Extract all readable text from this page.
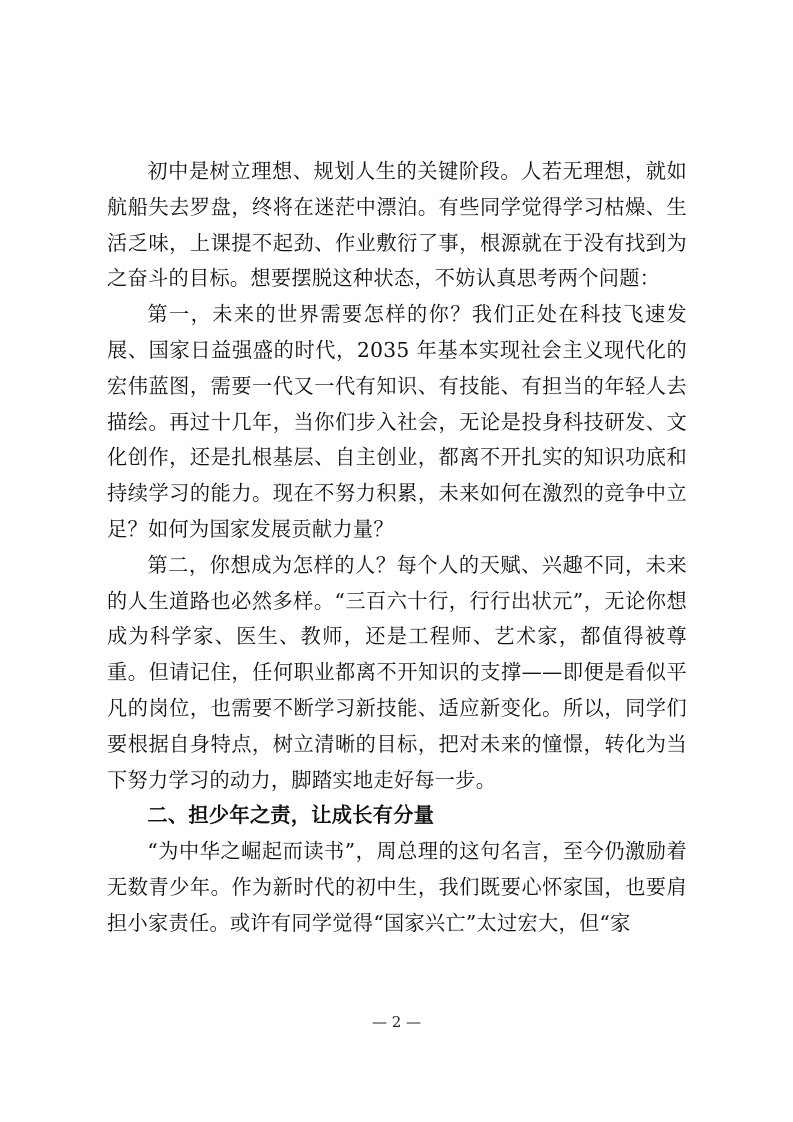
初中是树立理想、规划人生的关键阶段。人若无理想，就如航船失去罗盘，终将在迷茫中漂泊。有些同学觉得学习枯燥、生活乏味，上课提不起劲、作业敷衍了事，根源就在于没有找到为之奋斗的目标。想要摆脱这种状态，不妨认真思考两个问题：

第一，未来的世界需要怎样的你？我们正处在科技飞速发展、国家日益强盛的时代，2035 年基本实现社会主义现代化的宏伟蓝图，需要一代又一代有知识、有技能、有担当的年轻人去描绘。再过十几年，当你们步入社会，无论是投身科技研发、文化创作，还是扎根基层、自主创业，都离不开扎实的知识功底和持续学习的能力。现在不努力积累，未来如何在激烈的竞争中立足？如何为国家发展贡献力量？

第二，你想成为怎样的人？每个人的天赋、兴趣不同，未来的人生道路也必然多样。“三百六十行，行行出状元”，无论你想成为科学家、医生、教师，还是工程师、艺术家，都值得被尊重。但请记住，任何职业都离不开知识的支撑——即便是看似平凡的岗位，也需要不断学习新技能、适应新变化。所以，同学们要根据自身特点，树立清晰的目标，把对未来的憧憬，转化为当下努力学习的动力，脚踏实地走好每一步。

二、担少年之责，让成长有分量

“为中华之崛起而读书”，周总理的这句名言，至今仍激励着无数青少年。作为新时代的初中生，我们既要心怀家国，也要肩担小家责任。或许有同学觉得“国家兴亡”太过宏大，但“家

— 2 —
